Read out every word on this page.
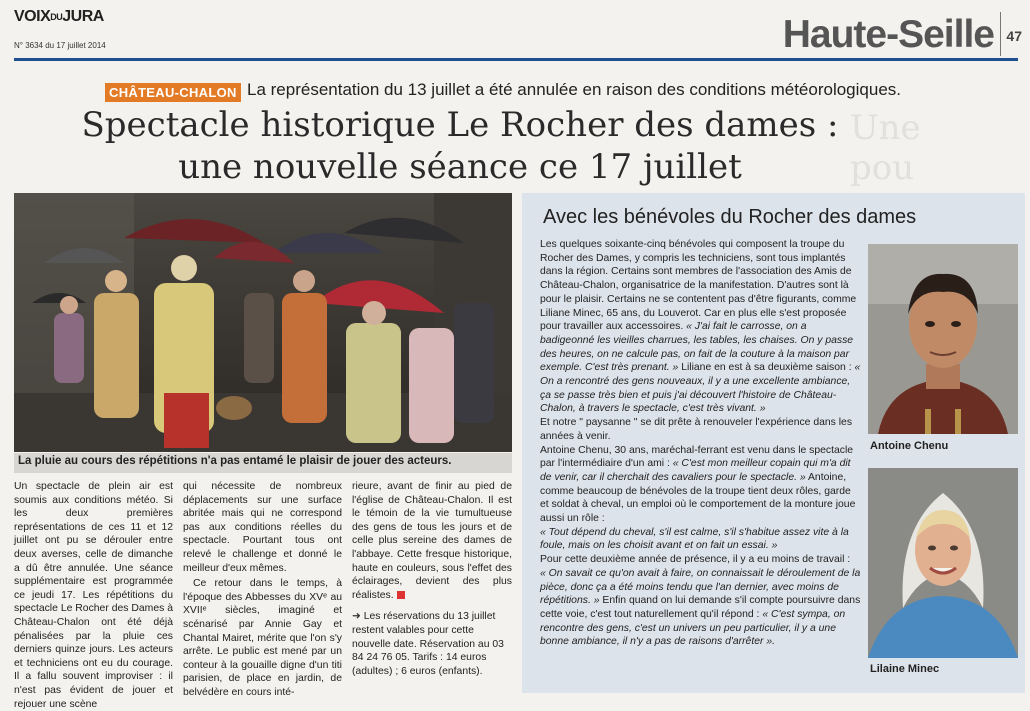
VOIXDUJURA
N° 3634 du 17 juillet 2014	Haute-Seille 47
Une
pou
CHÂTEAU-CHALON La représentation du 13 juillet a été annulée en raison des conditions météorologiques.
Spectacle historique Le Rocher des dames :
une nouvelle séance ce 17 juillet
La pluie au cours des répétitions n'a pas entamé le plaisir de jouer des acteurs.
Un spectacle de plein air est soumis aux conditions météo. Si les deux premières représentations de ces 11 et 12 juillet ont pu se dérouler entre deux averses, celle de dimanche a dû être annulée. Une séance supplémentaire est programmée ce jeudi 17. Les répétitions du spectacle Le Rocher des Dames à Château-Chalon ont été déjà pénalisées par la pluie ces derniers quinze jours. Les acteurs et techniciens ont eu du courage. Il a fallu souvent improviser : il n'est pas évident de jouer et rejouer une scène

qui nécessite de nombreux déplacements sur une surface abritée mais qui ne correspond pas aux conditions réelles du spectacle. Pourtant tous ont relevé le challenge et donné le meilleur d'eux mêmes.

Ce retour dans le temps, à l'époque des Abbesses du XVᵉ au XVIIᵉ siècles, imaginé et scénarisé par Annie Gay et Chantal Mairet, mérite que l'on s'y arrête. Le public est mené par un conteur à la gouaille digne d'un titi parisien, de place en jardin, de belvédère en cours inté-

rieure, avant de finir au pied de l'église de Château-Chalon. Il est le témoin de la vie tumultueuse des gens de tous les jours et de celle plus sereine des dames de l'abbaye. Cette fresque historique, haute en couleurs, sous l'effet des éclairages, devient des plus réalistes.

➜ Les réservations du 13 juillet restent valables pour cette nouvelle date. Réservation au 03 84 24 76 05. Tarifs : 14 euros (adultes) ; 6 euros (enfants).
Avec les bénévoles du Rocher des dames
Les quelques soixante-cinq bénévoles qui composent la troupe du Rocher des Dames, y compris les techniciens, sont tous implantés dans la région. Certains sont membres de l'association des Amis de Château-Chalon, organisatrice de la manifestation. D'autres sont là pour le plaisir. Certains ne se contentent pas d'être figurants, comme Liliane Minec, 65 ans, du Louverot. Car en plus elle s'est proposée pour travailler aux accessoires. « J'ai fait le carrosse, on a badigeonné les vieilles charrues, les tables, les chaises. On y passe des heures, on ne calcule pas, on fait de la couture à la maison par exemple. C'est très prenant. » Liliane en est à sa deuxième saison : « On a rencontré des gens nouveaux, il y a une excellente ambiance, ça se passe très bien et puis j'ai découvert l'histoire de Château-Chalon, à travers le spectacle, c'est très vivant. »
Et notre " paysanne " se dit prête à renouveler l'expérience dans les années à venir.
Antoine Chenu, 30 ans, maréchal-ferrant est venu dans le spectacle par l'intermédiaire d'un ami : « C'est mon meilleur copain qui m'a dit de venir, car il cherchait des cavaliers pour le spectacle. » Antoine, comme beaucoup de bénévoles de la troupe tient deux rôles, garde et soldat à cheval, un emploi où le comportement de la monture joue aussi un rôle :
« Tout dépend du cheval, s'il est calme, s'il s'habitue assez vite à la foule, mais on les choisit avant et on fait un essai. »
Pour cette deuxième année de présence, il y a eu moins de travail :
« On savait ce qu'on avait à faire, on connaissait le déroulement de la pièce, donc ça a été moins tendu que l'an dernier, avec moins de répétitions. » Enfin quand on lui demande s'il compte poursuivre dans cette voie, c'est tout naturellement qu'il répond : « C'est sympa, on rencontre des gens, c'est un univers un peu particulier, il y a une bonne ambiance, il n'y a pas de raisons d'arrêter ».
Antoine Chenu
Lilaine Minec
